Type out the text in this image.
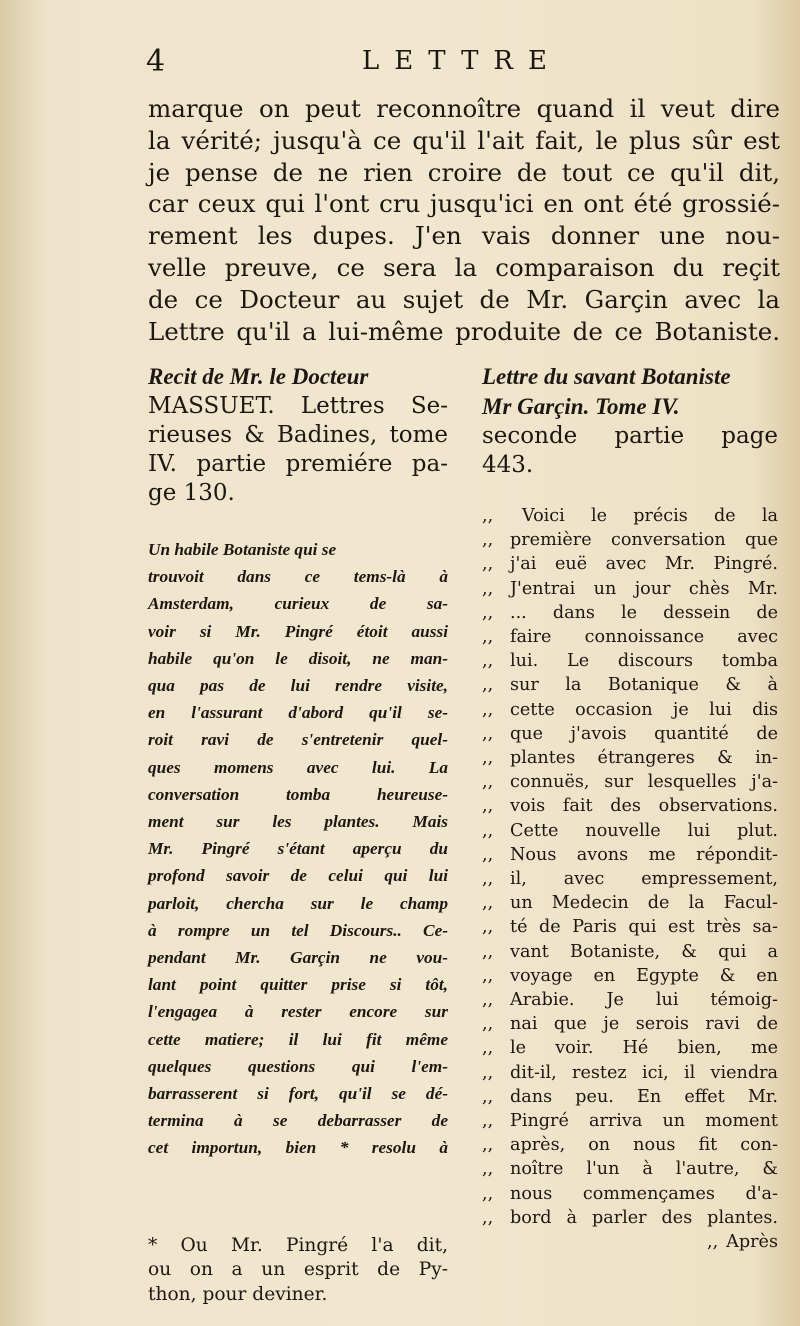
4	LETTRE
marque on peut reconnoître quand il veut dire
la vérité; jusqu'à ce qu'il l'ait fait, le plus sûr est
je pense de ne rien croire de tout ce qu'il dit,
car ceux qui l'ont cru jusqu'ici en ont été grossié-
rement les dupes. J'en vais donner une nou-
velle preuve, ce sera la comparaison du reçit
de ce Docteur au sujet de Mr. Garçin avec la
Lettre qu'il a lui-même produite de ce Botaniste.
Recit de Mr. le Docteur
MASSUET. Lettres Se-
rieuses & Badines, tome
IV. partie premiére pa-
ge 130.
Un habile Botaniste qui se
trouvoit dans ce tems-là à
Amsterdam, curieux de sa-
voir si Mr. Pingré étoit aussi
habile qu'on le disoit, ne man-
qua pas de lui rendre visite,
en l'assurant d'abord qu'il se-
roit ravi de s'entretenir quel-
ques momens avec lui. La
conversation tomba heureuse-
ment sur les plantes. Mais
Mr. Pingré s'étant aperçu du
profond savoir de celui qui lui
parloit, chercha sur le champ
à rompre un tel Discours.. Ce-
pendant Mr. Garçin ne vou-
lant point quitter prise si tôt,
l'engagea à rester encore sur
cette matiere; il lui fit même
quelques questions qui l'em-
barrasserent si fort, qu'il se dé-
termina à se debarrasser de
cet importun, bien * resolu à
* Ou Mr. Pingré l'a dit,
ou on a un esprit de Py-
thon, pour deviner.
Lettre du savant Botaniste
Mr Garçin. Tome IV.
seconde partie page
443.
,,	Voici le précis de la
,, première conversation que
,, j'ai euë avec Mr. Pingré.
,, J'entrai un jour chès Mr.
,, ... dans le dessein de
,, faire connoissance avec
,, lui. Le discours tomba
,, sur la Botanique & à
,, cette occasion je lui dis
,, que j'avois quantité de
,, plantes étrangeres & in-
,, connuës, sur lesquelles j'a-
,, vois fait des observations.
,, Cette nouvelle lui plut.
,, Nous avons me répondit-
,, il, avec empressement,
,, un Medecin de la Facul-
,, té de Paris qui est très sa-
,, vant Botaniste, & qui a
,, voyage en Egypte & en
,, Arabie. Je lui témoig-
,, nai que je serois ravi de
,, le voir. Hé bien, me
,, dit-il, restez ici, il viendra
,, dans peu. En effet Mr.
,, Pingré arriva un moment
,, après, on nous fit con-
,, noître l'un à l'autre, &
,, nous commençames d'a-
,, bord à parler des plantes.
,, Après
